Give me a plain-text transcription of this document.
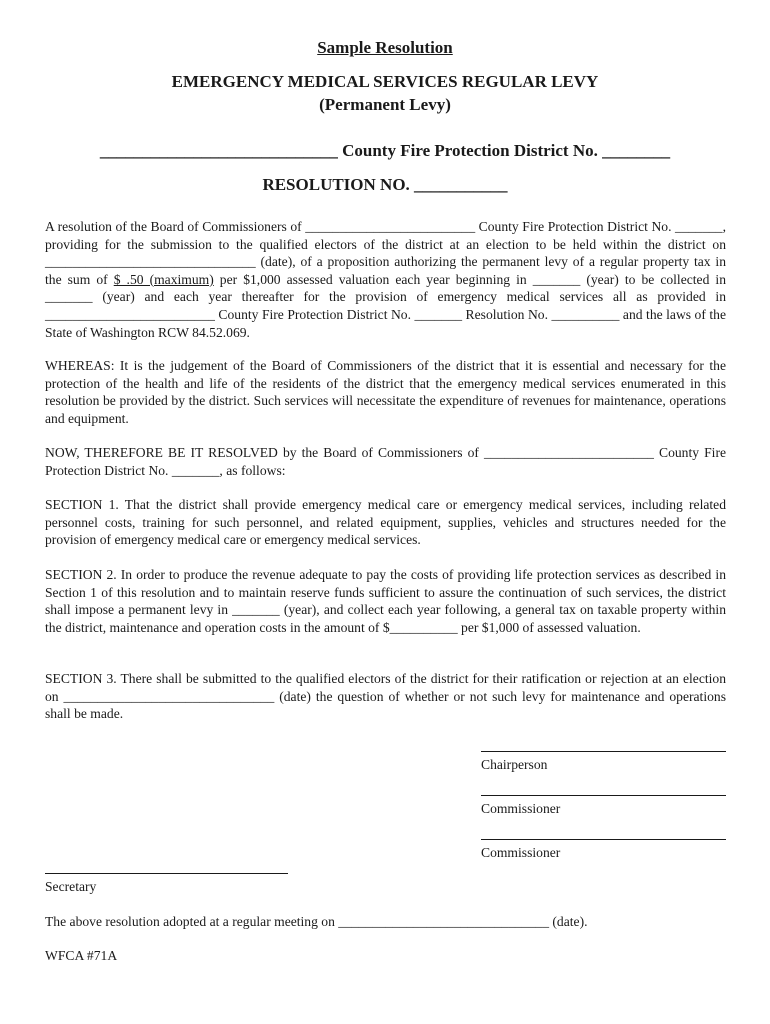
Sample Resolution
EMERGENCY MEDICAL SERVICES REGULAR LEVY
(Permanent Levy)
____________________________ County Fire Protection District No. ________
RESOLUTION NO. ___________

A resolution of the Board of Commissioners of _________________________ County Fire Protection District No. _______, providing for the submission to the qualified electors of the district at an election to be held within the district on _______________________________ (date), of a proposition authorizing the permanent levy of a regular property tax in the sum of $ .50 (maximum) per $1,000 assessed valuation each year beginning in _______ (year) to be collected in _______ (year) and each year thereafter for the provision of emergency medical services all as provided in _________________________ County Fire Protection District No. _______ Resolution No. __________ and the laws of the State of Washington RCW 84.52.069.

WHEREAS: It is the judgement of the Board of Commissioners of the district that it is essential and necessary for the protection of the health and life of the residents of the district that the emergency medical services enumerated in this resolution be provided by the district. Such services will necessitate the expenditure of revenues for maintenance, operations and equipment.

NOW, THEREFORE BE IT RESOLVED by the Board of Commissioners of _________________________ County Fire Protection District No. _______, as follows:

SECTION 1. That the district shall provide emergency medical care or emergency medical services, including related personnel costs, training for such personnel, and related equipment, supplies, vehicles and structures needed for the provision of emergency medical care or emergency medical services.

SECTION 2. In order to produce the revenue adequate to pay the costs of providing life protection services as described in Section 1 of this resolution and to maintain reserve funds sufficient to assure the continuation of such services, the district shall impose a permanent levy in _______ (year), and collect each year following, a general tax on taxable property within the district, maintenance and operation costs in the amount of $__________ per $1,000 of assessed valuation.

SECTION 3. There shall be submitted to the qualified electors of the district for their ratification or rejection at an election on _______________________________ (date) the question of whether or not such levy for maintenance and operations shall be made.

Chairperson
Commissioner
Commissioner
Secretary
The above resolution adopted at a regular meeting on _______________________________ (date).
WFCA #71A
